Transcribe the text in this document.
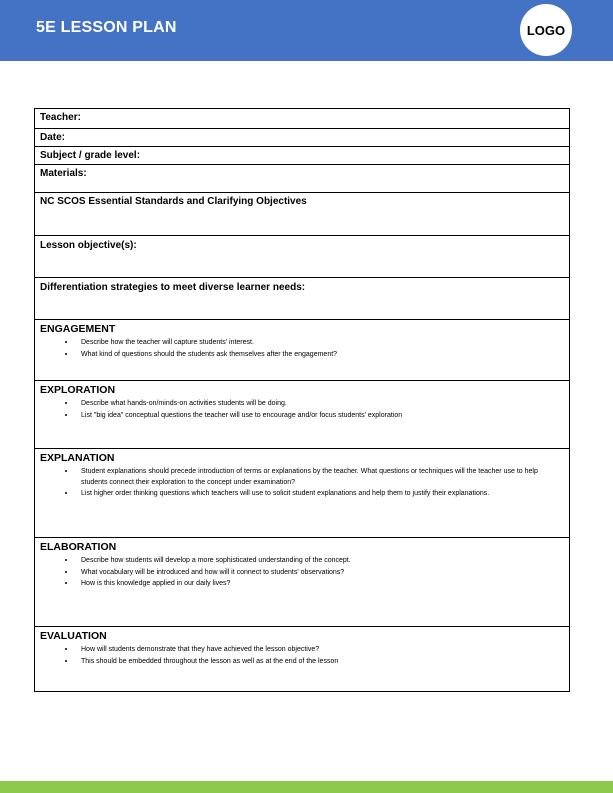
5E LESSON PLAN	LOGO
Teacher:
Date:
Subject / grade level:
Materials:
NC SCOS Essential Standards and Clarifying Objectives
Lesson objective(s):
Differentiation strategies to meet diverse learner needs:
ENGAGEMENT
• Describe how the teacher will capture students' interest.
• What kind of questions should the students ask themselves after the engagement?
EXPLORATION
• Describe what hands-on/minds-on activities students will be doing.
• List "big idea" conceptual questions the teacher will use to encourage and/or focus students' exploration
EXPLANATION
• Student explanations should precede introduction of terms or explanations by the teacher. What questions or techniques will the teacher use to help students connect their exploration to the concept under examination?
• List higher order thinking questions which teachers will use to solicit student explanations and help them to justify their explanations.
ELABORATION
• Describe how students will develop a more sophisticated understanding of the concept.
• What vocabulary will be introduced and how will it connect to students' observations?
• How is this knowledge applied in our daily lives?
EVALUATION
• How will students demonstrate that they have achieved the lesson objective?
• This should be embedded throughout the lesson as well as at the end of the lesson
